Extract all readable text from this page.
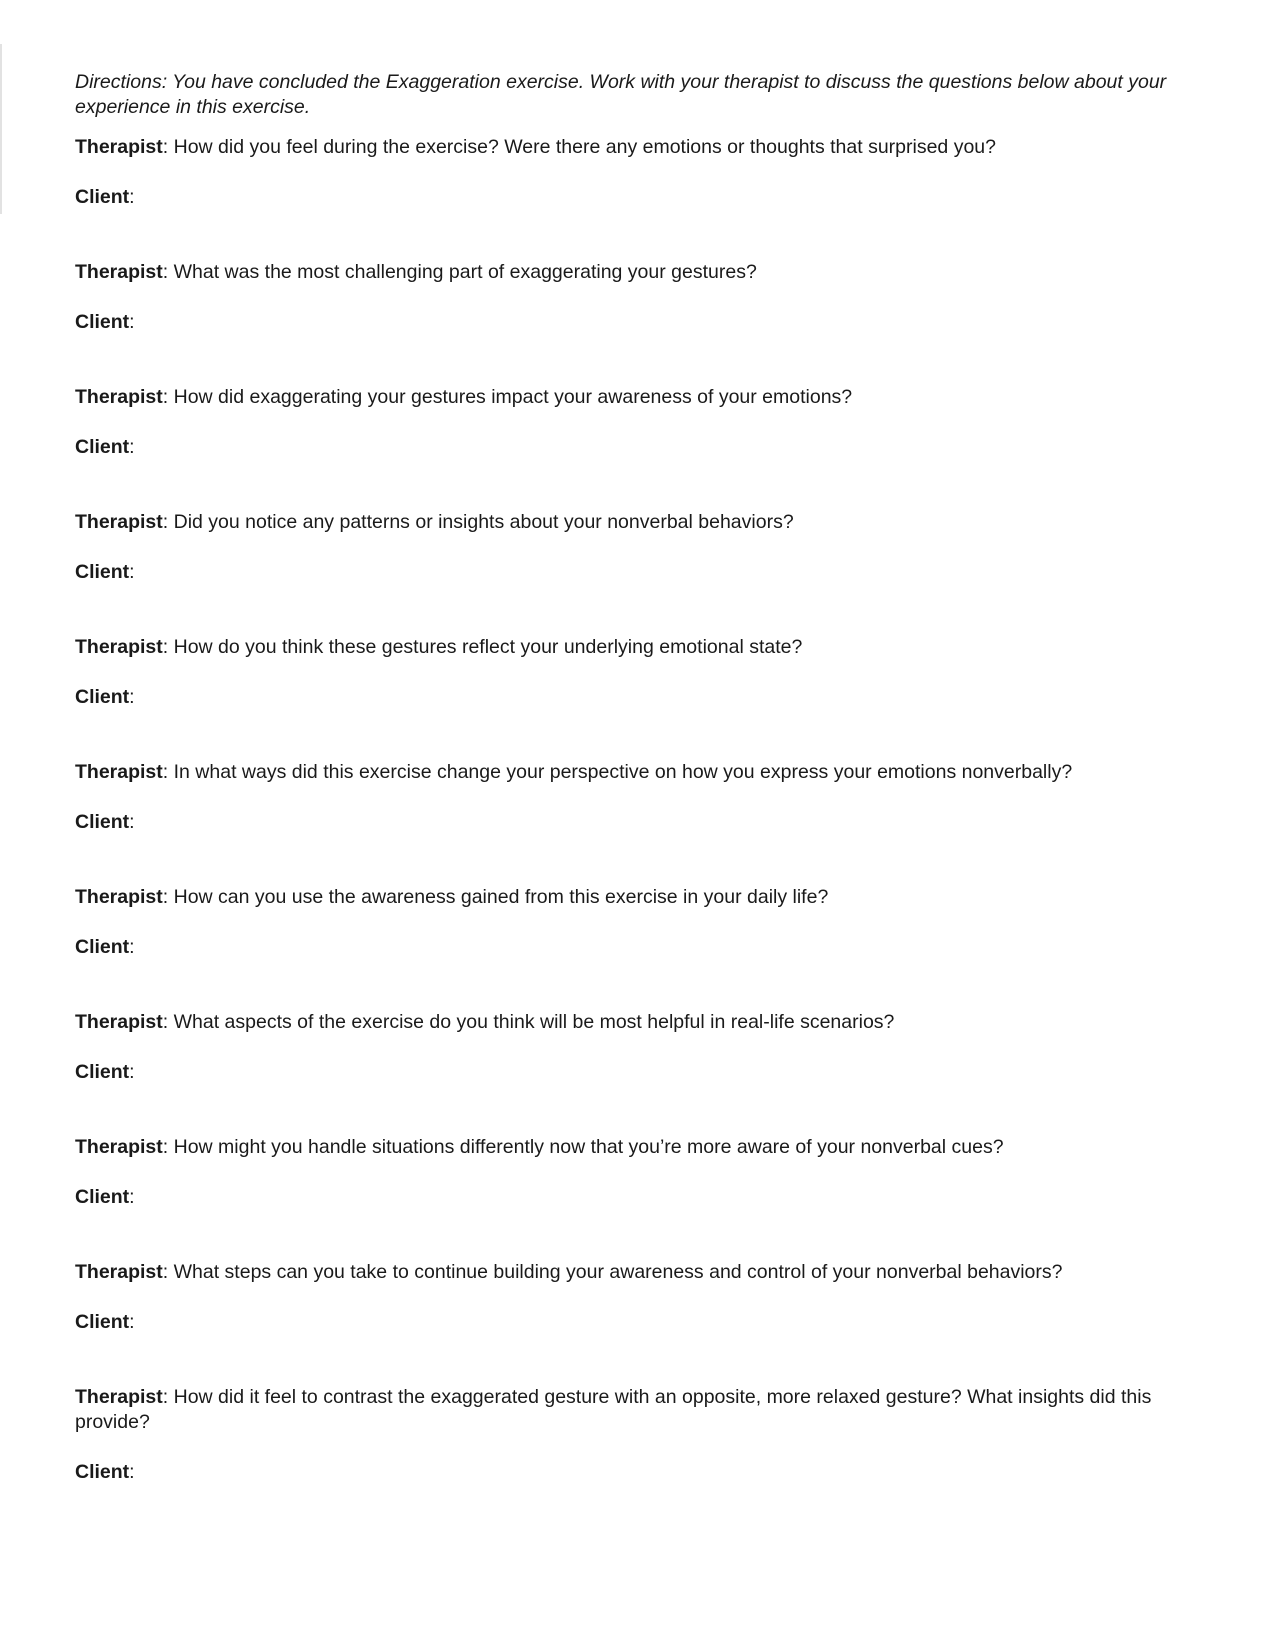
Directions: You have concluded the Exaggeration exercise. Work with your therapist to discuss the questions below about your experience in this exercise.

Therapist: How did you feel during the exercise? Were there any emotions or thoughts that surprised you?

Client:

Therapist: What was the most challenging part of exaggerating your gestures?

Client:

Therapist: How did exaggerating your gestures impact your awareness of your emotions?

Client:

Therapist: Did you notice any patterns or insights about your nonverbal behaviors?

Client:

Therapist: How do you think these gestures reflect your underlying emotional state?

Client:

Therapist: In what ways did this exercise change your perspective on how you express your emotions nonverbally?

Client:

Therapist: How can you use the awareness gained from this exercise in your daily life?

Client:

Therapist: What aspects of the exercise do you think will be most helpful in real-life scenarios?

Client:

Therapist: How might you handle situations differently now that you’re more aware of your nonverbal cues?

Client:

Therapist: What steps can you take to continue building your awareness and control of your nonverbal behaviors?

Client:

Therapist: How did it feel to contrast the exaggerated gesture with an opposite, more relaxed gesture? What insights did this provide?

Client:
